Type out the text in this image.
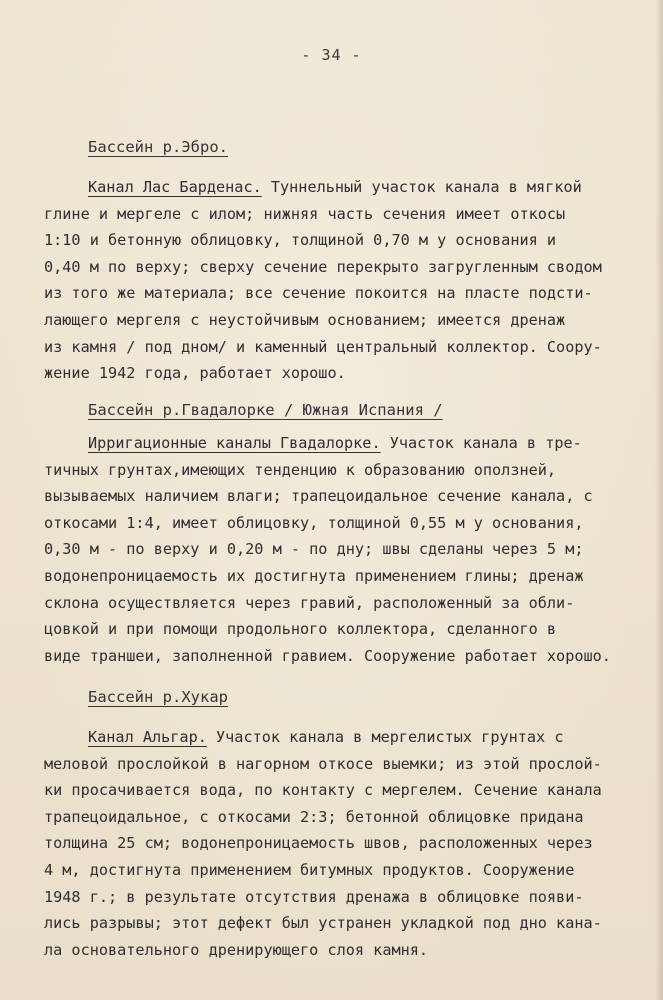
- 34 -
Бассейн р.Эбро.
Канал Лас Барденас. Туннельный участок канала в мягкой
глине и мергеле с илом; нижняя часть сечения имеет откосы
1:10 и бетонную облицовку, толщиной 0,70 м у основания и
0,40 м по верху; сверху сечение перекрыто загругленным сводом
из того же материала; все сечение покоится на пласте подсти-
лающего мергеля с неустойчивым основанием; имеется дренаж
из камня / под дном/ и каменный центральный коллектор. Соору-
жение 1942 года, работает хорошо.
Бассейн р.Гвадалорке / Южная Испания /
Ирригационные каналы Гвадалорке. Участок канала в тре-
тичных грунтах,имеющих тенденцию к образованию оползней,
вызываемых наличием влаги; трапецоидальное сечение канала, с
откосами 1:4, имеет облицовку, толщиной 0,55 м у основания,
0,30 м - по верху и 0,20 м - по дну; швы сделаны через 5 м;
водонепроницаемость их достигнута применением глины; дренаж
склона осуществляется через гравий, расположенный за обли-
цовкой и при помощи продольного коллектора, сделанного в
виде траншеи, заполненной гравием. Сооружение работает хорошо.
Бассейн р.Хукар
Канал Альгар. Участок канала в мергелистых грунтах с
меловой прослойкой в нагорном откосе выемки; из этой прослой-
ки просачивается вода, по контакту с мергелем. Сечение канала
трапецоидальное, с откосами 2:3; бетонной облицовке придана
толщина 25 см; водонепроницаемость швов, расположенных через
4 м, достигнута применением битумных продуктов. Сооружение
1948 г.; в результате отсутствия дренажа в облицовке появи-
лись разрывы; этот дефект был устранен укладкой под дно кана-
ла основательного дренирующего слоя камня.
